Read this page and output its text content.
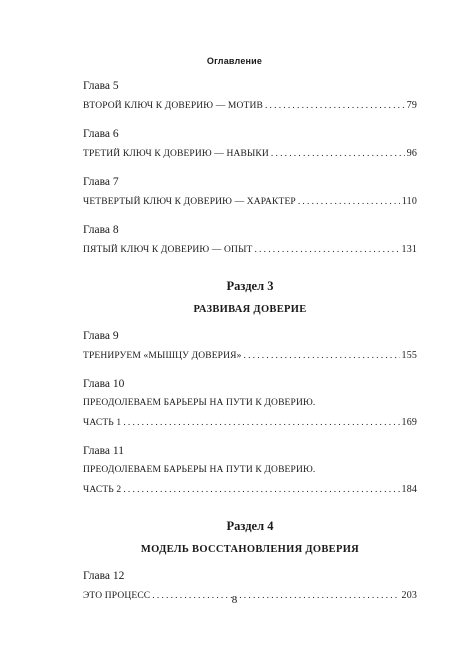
Оглавление
Глава 5
ВТОРОЙ КЛЮЧ К ДОВЕРИЮ — МОТИВ .....	79
Глава 6
ТРЕТИЙ КЛЮЧ К ДОВЕРИЮ — НАВЫКИ .....	96
Глава 7
ЧЕТВЕРТЫЙ КЛЮЧ К ДОВЕРИЮ — ХАРАКТЕР .....	110
Глава 8
ПЯТЫЙ КЛЮЧ К ДОВЕРИЮ — ОПЫТ .....	131
Раздел 3
РАЗВИВАЯ ДОВЕРИЕ
Глава 9
ТРЕНИРУЕМ «МЫШЦУ ДОВЕРИЯ» .....	155
Глава 10
ПРЕОДОЛЕВАЕМ БАРЬЕРЫ НА ПУТИ К ДОВЕРИЮ.
ЧАСТЬ 1 .....	169
Глава 11
ПРЕОДОЛЕВАЕМ БАРЬЕРЫ НА ПУТИ К ДОВЕРИЮ.
ЧАСТЬ 2 .....	184
Раздел 4
МОДЕЛЬ ВОССТАНОВЛЕНИЯ ДОВЕРИЯ
Глава 12
ЭТО ПРОЦЕСС .....	203
8
